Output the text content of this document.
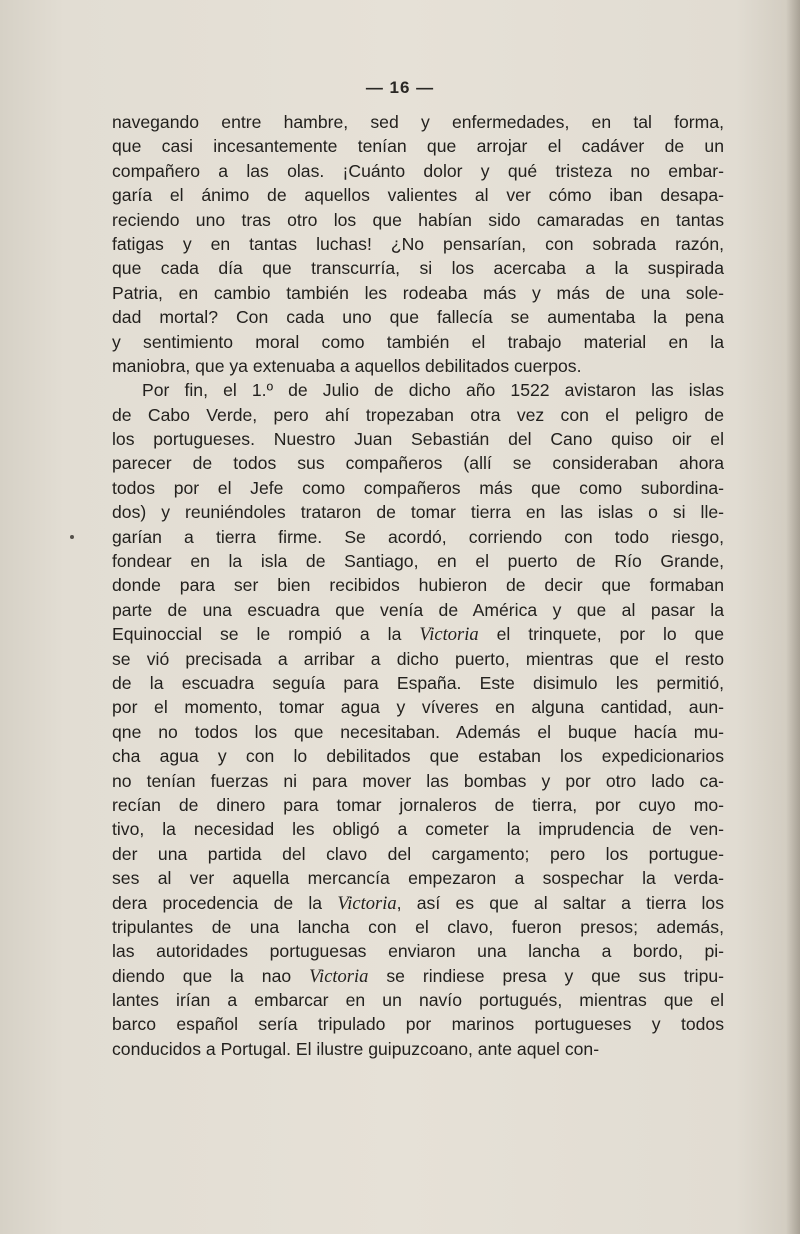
— 16 —
navegando entre hambre, sed y enfermedades, en tal forma,
que casi incesantemente tenían que arrojar el cadáver de un
compañero a las olas. ¡Cuánto dolor y qué tristeza no embar-
garía el ánimo de aquellos valientes al ver cómo iban desapa-
reciendo uno tras otro los que habían sido camaradas en tantas
fatigas y en tantas luchas! ¿No pensarían, con sobrada razón,
que cada día que transcurría, si los acercaba a la suspirada
Patria, en cambio también les rodeaba más y más de una sole-
dad mortal? Con cada uno que fallecía se aumentaba la pena
y sentimiento moral como también el trabajo material en la
maniobra, que ya extenuaba a aquellos debilitados cuerpos.
Por fin, el 1.º de Julio de dicho año 1522 avistaron las islas
de Cabo Verde, pero ahí tropezaban otra vez con el peligro de
los portugueses. Nuestro Juan Sebastián del Cano quiso oir el
parecer de todos sus compañeros (allí se consideraban ahora
todos por el Jefe como compañeros más que como subordina-
dos) y reuniéndoles trataron de tomar tierra en las islas o si lle-
garían a tierra firme. Se acordó, corriendo con todo riesgo,
fondear en la isla de Santiago, en el puerto de Río Grande,
donde para ser bien recibidos hubieron de decir que formaban
parte de una escuadra que venía de América y que al pasar la
Equinoccial se le rompió a la Victoria el trinquete, por lo que
se vió precisada a arribar a dicho puerto, mientras que el resto
de la escuadra seguía para España. Este disimulo les permitió,
por el momento, tomar agua y víveres en alguna cantidad, aun-
qne no todos los que necesitaban. Además el buque hacía mu-
cha agua y con lo debilitados que estaban los expedicionarios
no tenían fuerzas ni para mover las bombas y por otro lado ca-
recían de dinero para tomar jornaleros de tierra, por cuyo mo-
tivo, la necesidad les obligó a cometer la imprudencia de ven-
der una partida del clavo del cargamento; pero los portugue-
ses al ver aquella mercancía empezaron a sospechar la verda-
dera procedencia de la Victoria, así es que al saltar a tierra los
tripulantes de una lancha con el clavo, fueron presos; además,
las autoridades portuguesas enviaron una lancha a bordo, pi-
diendo que la nao Victoria se rindiese presa y que sus tripu-
lantes irían a embarcar en un navío portugués, mientras que el
barco español sería tripulado por marinos portugueses y todos
conducidos a Portugal. El ilustre guipuzcoano, ante aquel con-
